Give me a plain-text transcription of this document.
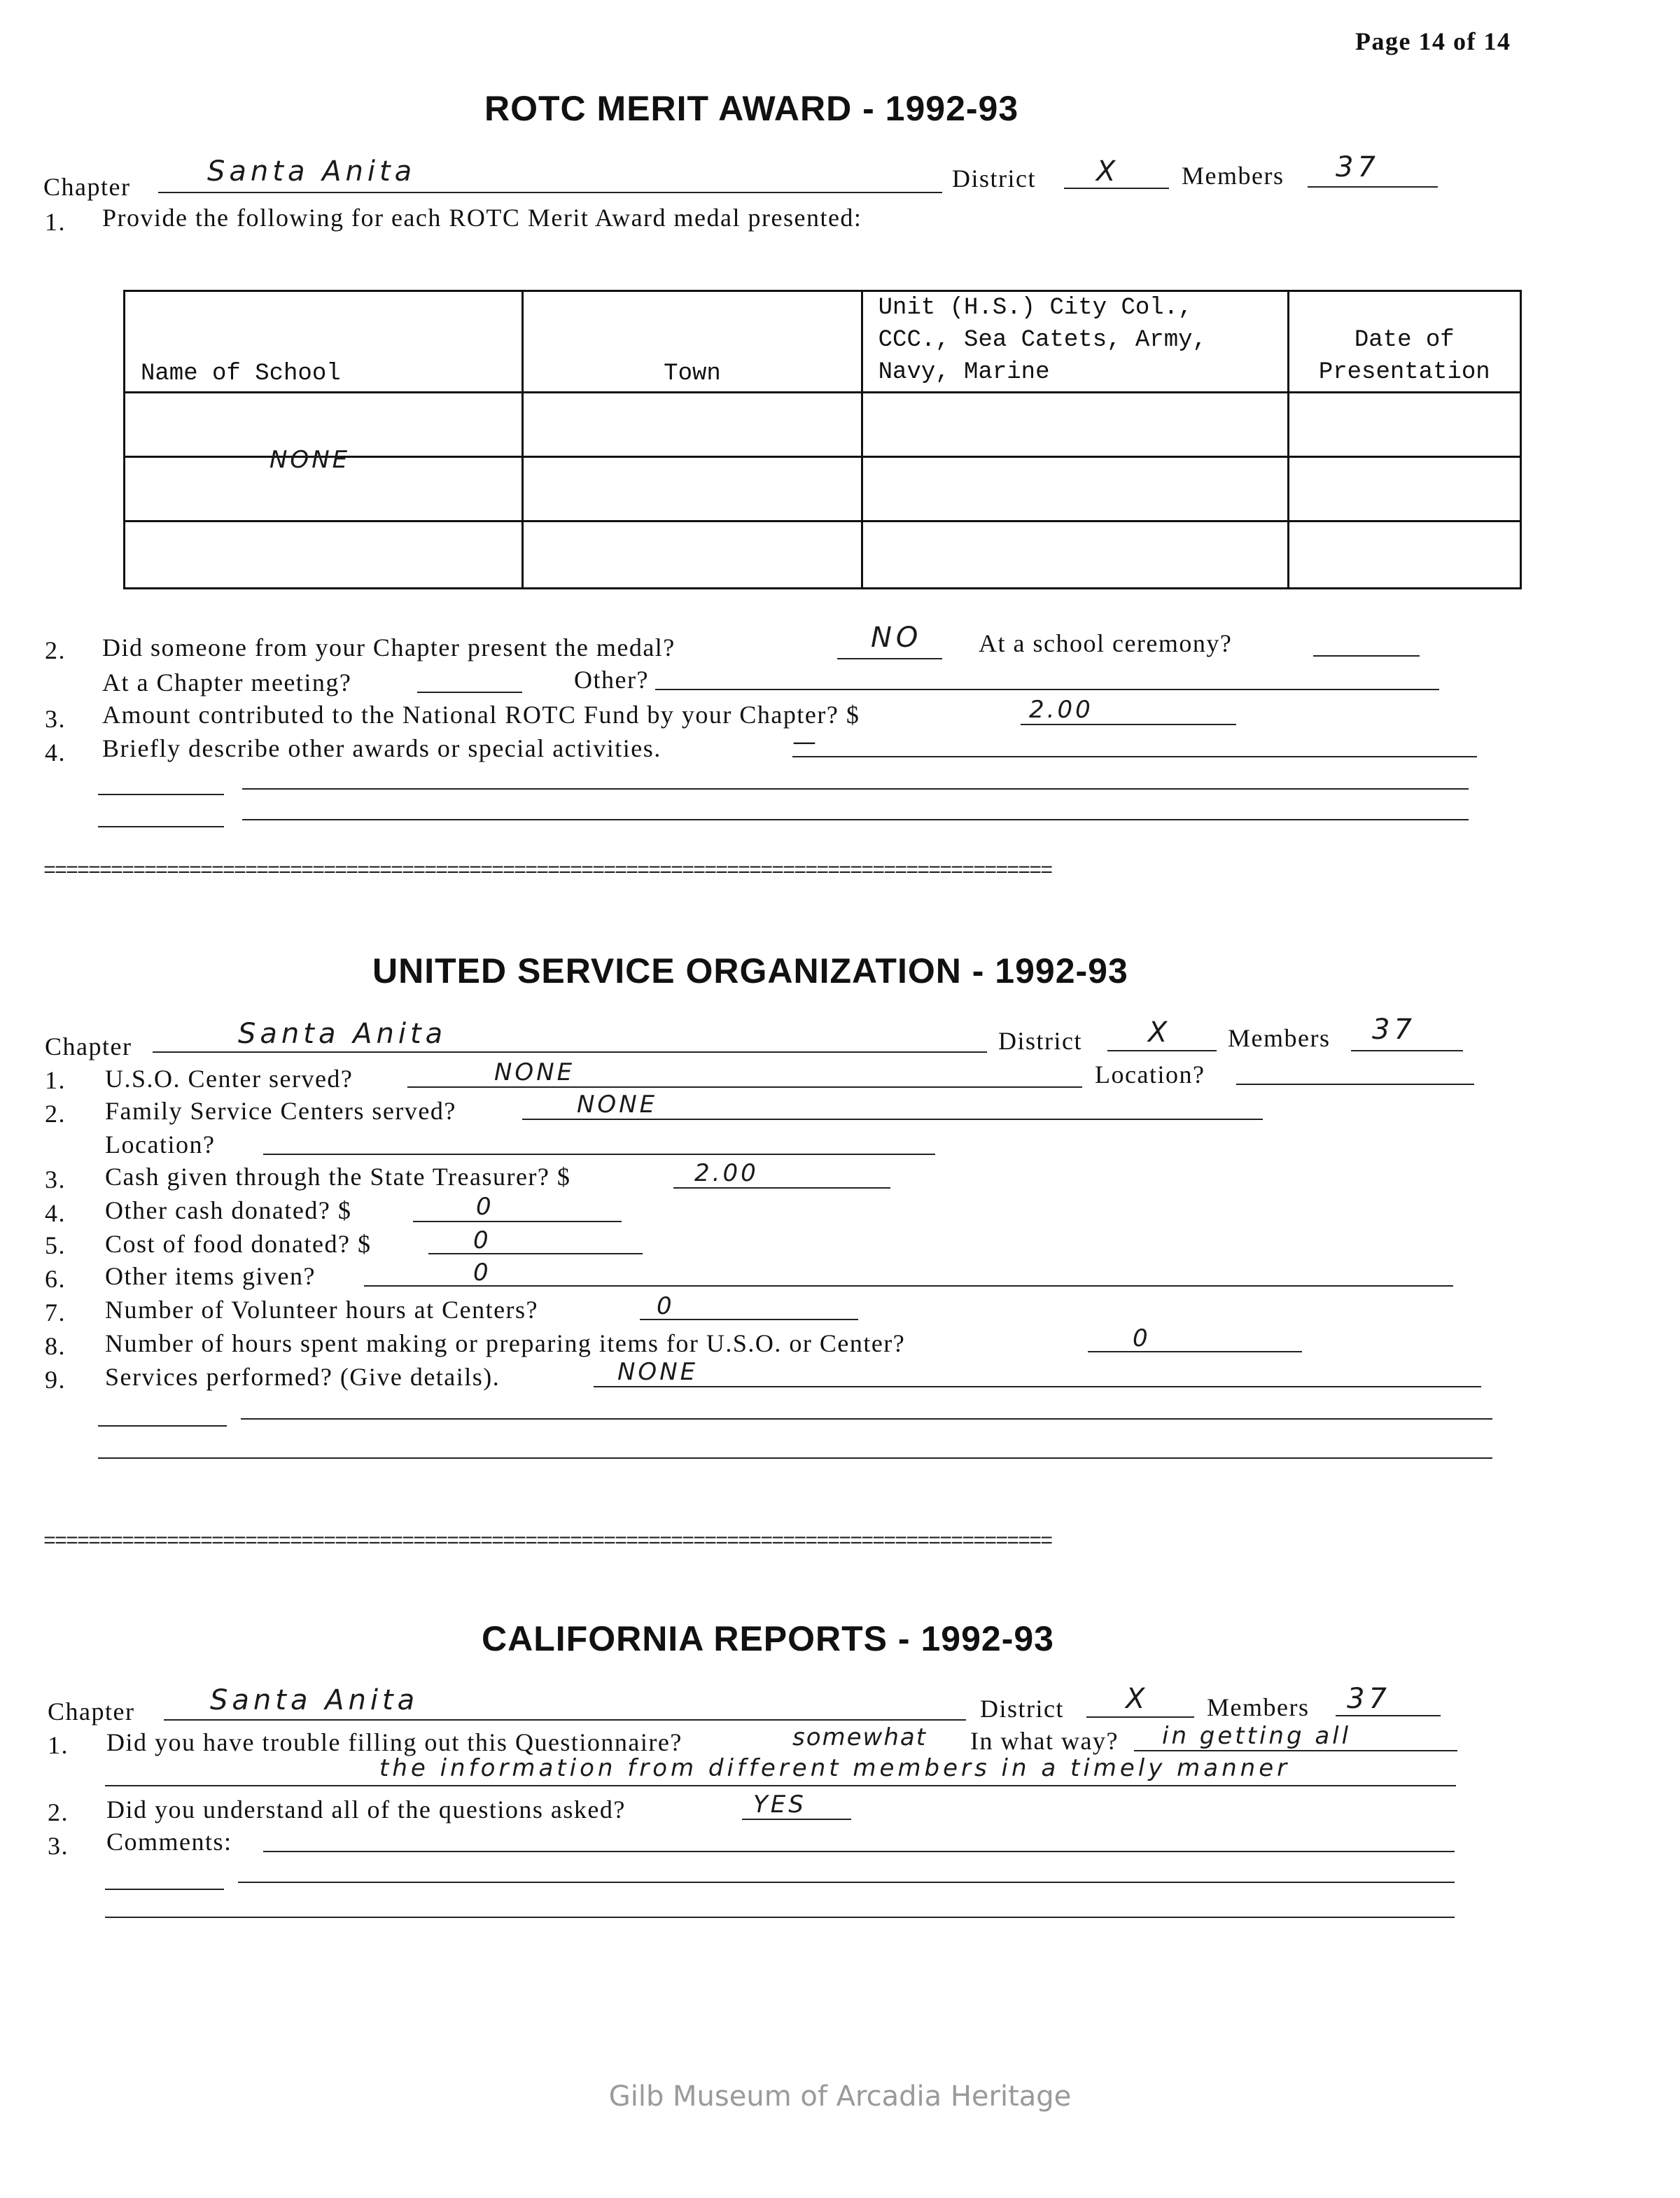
Page 14 of 14
ROTC MERIT AWARD - 1992-93
Chapter	Santa Anita	District X Members 37
1. Provide the following for each ROTC Merit Award medal presented:
Name of School	Town	Unit (H.S.) City Col., CCC., Sea Catets, Army, Navy, Marine	Date of Presentation

NONE			

2. Did someone from your Chapter present the medal?	NO At a school ceremony?
At a Chapter meeting?	Other?
3. Amount contributed to the National ROTC Fund by your Chapter? $	2.00
4. Briefly describe other awards or special activities.	—
==========================================================================================
UNITED SERVICE ORGANIZATION - 1992-93
Chapter	Santa Anita	District X Members 37
1. U.S.O. Center served?	NONE	Location?
2. Family Service Centers served?	NONE
Location?
3. Cash given through the State Treasurer? $	2.00
4. Other cash donated? $	0
5. Cost of food donated? $	0
6. Other items given?	0
7. Number of Volunteer hours at Centers?	0
8. Number of hours spent making or preparing items for U.S.O. or Center?	0
9. Services performed? (Give details).	NONE
==========================================================================================
CALIFORNIA REPORTS - 1992-93
Chapter	Santa Anita	District X Members 37
1. Did you have trouble filling out this Questionnaire?	somewhat In what way? in getting all
the information from different members in a timely manner
2. Did you understand all of the questions asked?	YES
3. Comments:
Gilb Museum of Arcadia Heritage
